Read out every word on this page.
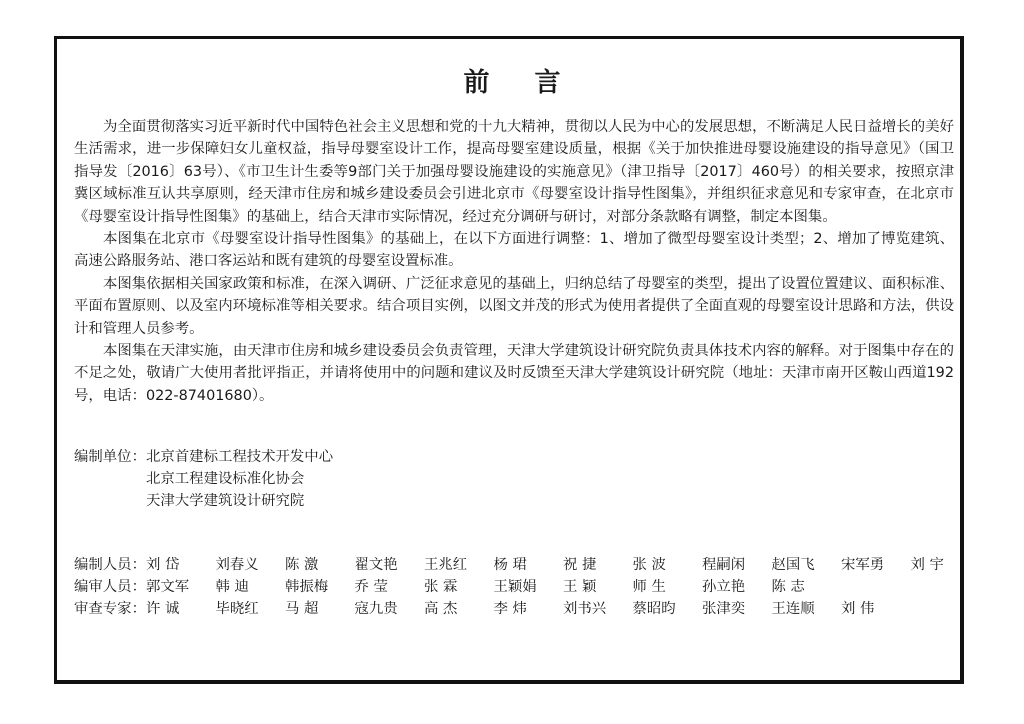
前 言

为全面贯彻落实习近平新时代中国特色社会主义思想和党的十九大精神，贯彻以人民为中心的发展思想，不断满足人民日益增长的美好生活需求，进一步保障妇女儿童权益，指导母婴室设计工作，提高母婴室建设质量，根据《关于加快推进母婴设施建设的指导意见》（国卫指导发〔2016〕63号）、《市卫生计生委等9部门关于加强母婴设施建设的实施意见》（津卫指导〔2017〕460号）的相关要求，按照京津冀区域标准互认共享原则，经天津市住房和城乡建设委员会引进北京市《母婴室设计指导性图集》，并组织征求意见和专家审查，在北京市《母婴室设计指导性图集》的基础上，结合天津市实际情况，经过充分调研与研讨，对部分条款略有调整，制定本图集。

本图集在北京市《母婴室设计指导性图集》的基础上，在以下方面进行调整：1、增加了微型母婴室设计类型；2、增加了博览建筑、高速公路服务站、港口客运站和既有建筑的母婴室设置标准。

本图集依据相关国家政策和标准，在深入调研、广泛征求意见的基础上，归纳总结了母婴室的类型，提出了设置位置建议、面积标准、平面布置原则、以及室内环境标准等相关要求。结合项目实例，以图文并茂的形式为使用者提供了全面直观的母婴室设计思路和方法，供设计和管理人员参考。

本图集在天津实施，由天津市住房和城乡建设委员会负责管理，天津大学建筑设计研究院负责具体技术内容的解释。对于图集中存在的不足之处，敬请广大使用者批评指正，并请将使用中的问题和建议及时反馈至天津大学建筑设计研究院（地址：天津市南开区鞍山西道192号，电话：022-87401680）。

编制单位： 北京首建标工程技术开发中心
北京工程建设标准化协会
天津大学建筑设计研究院
编制人员： 刘 岱	刘春义	陈 激	翟文艳	王兆红	杨 珺	祝 捷	张 波	程嗣闲	赵国飞	宋军勇	刘 宇
编审人员： 郭文军	韩 迪	韩振梅	乔 莹	张 霖	王颖娟	王 颖	师 生	孙立艳	陈 志
审查专家： 许 诚	毕晓红	马 超	寇九贵	高 杰	李 炜	刘书兴	蔡昭昀	张津奕	王连顺	刘 伟
